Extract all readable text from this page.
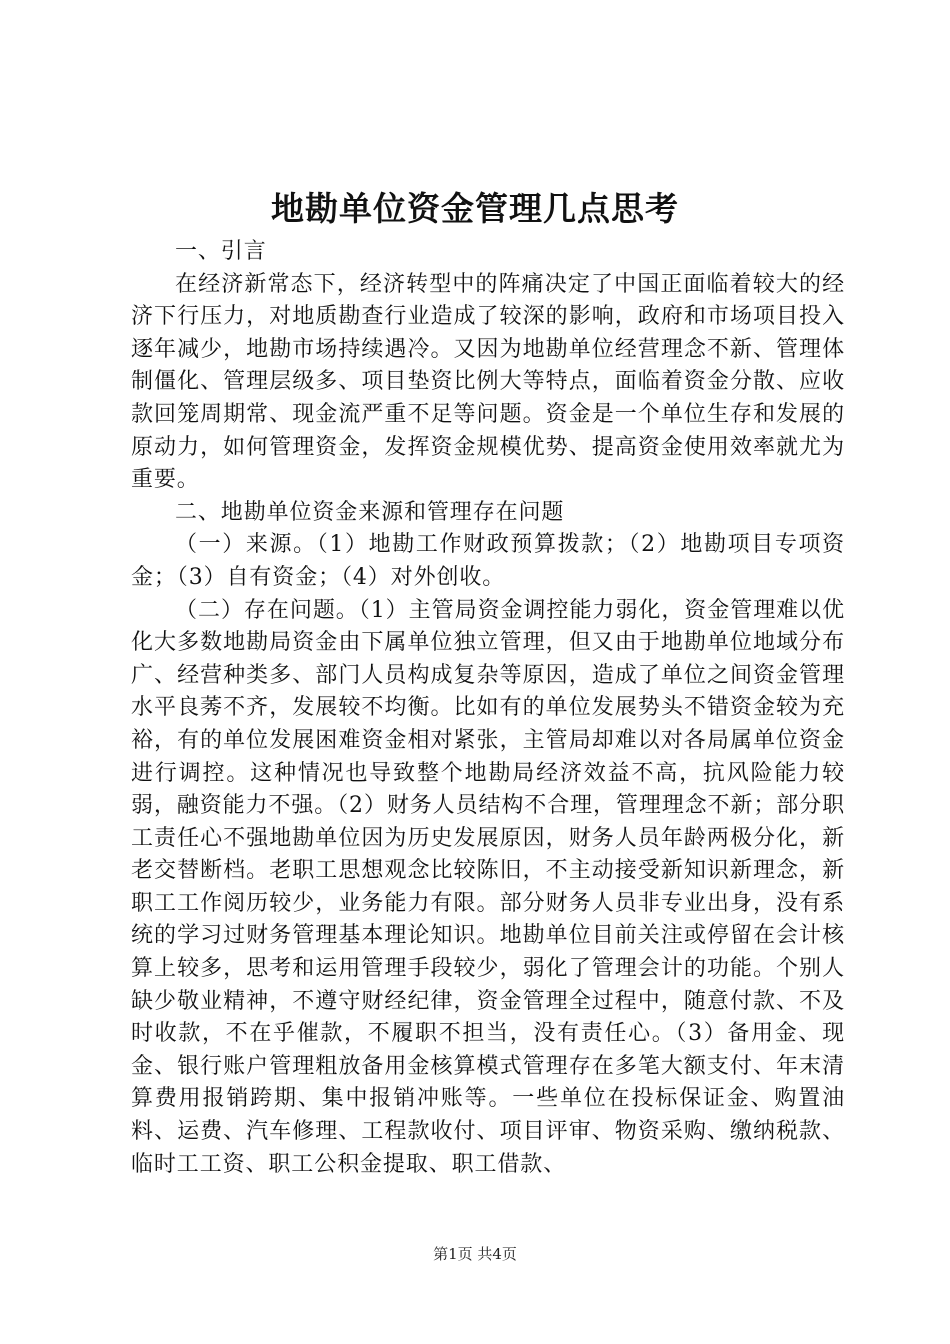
地勘单位资金管理几点思考

一、引言

在经济新常态下，经济转型中的阵痛决定了中国正面临着较大的经济下行压力，对地质勘查行业造成了较深的影响，政府和市场项目投入逐年减少，地勘市场持续遇冷。又因为地勘单位经营理念不新、管理体制僵化、管理层级多、项目垫资比例大等特点，面临着资金分散、应收款回笼周期常、现金流严重不足等问题。资金是一个单位生存和发展的原动力，如何管理资金，发挥资金规模优势、提高资金使用效率就尤为重要。

二、地勘单位资金来源和管理存在问题

（一）来源。（1）地勘工作财政预算拨款；（2）地勘项目专项资金；（3）自有资金；（4）对外创收。

（二）存在问题。（1）主管局资金调控能力弱化，资金管理难以优化大多数地勘局资金由下属单位独立管理，但又由于地勘单位地域分布广、经营种类多、部门人员构成复杂等原因，造成了单位之间资金管理水平良莠不齐，发展较不均衡。比如有的单位发展势头不错资金较为充裕，有的单位发展困难资金相对紧张，主管局却难以对各局属单位资金进行调控。这种情况也导致整个地勘局经济效益不高，抗风险能力较弱，融资能力不强。（2）财务人员结构不合理，管理理念不新；部分职工责任心不强地勘单位因为历史发展原因，财务人员年龄两极分化，新老交替断档。老职工思想观念比较陈旧，不主动接受新知识新理念，新职工工作阅历较少，业务能力有限。部分财务人员非专业出身，没有系统的学习过财务管理基本理论知识。地勘单位目前关注或停留在会计核算上较多，思考和运用管理手段较少，弱化了管理会计的功能。个别人缺少敬业精神，不遵守财经纪律，资金管理全过程中，随意付款、不及时收款，不在乎催款，不履职不担当，没有责任心。（3）备用金、现金、银行账户管理粗放备用金核算模式管理存在多笔大额支付、年末清算费用报销跨期、集中报销冲账等。一些单位在投标保证金、购置油料、运费、汽车修理、工程款收付、项目评审、物资采购、缴纳税款、临时工工资、职工公积金提取、职工借款、

第1页 共4页
